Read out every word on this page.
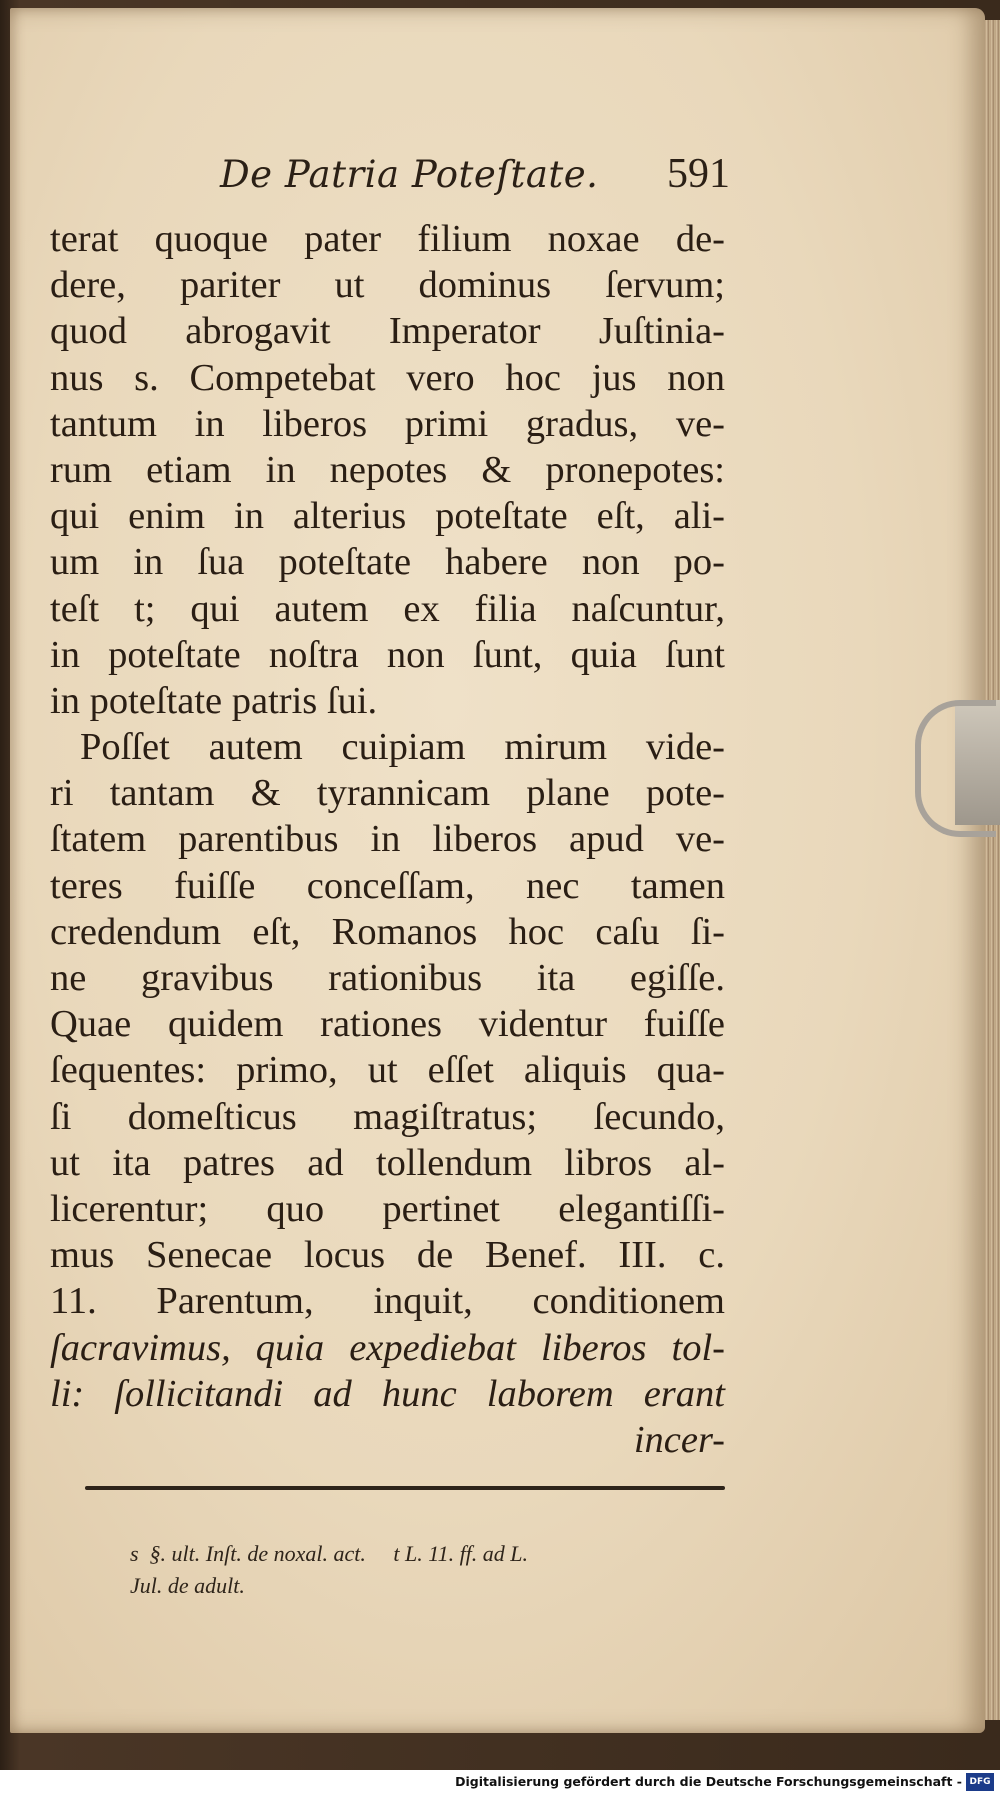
De Patria Poteſtate. 591
terat quoque pater filium noxae de-
dere, pariter ut dominus ſervum;
quod abrogavit Imperator Juſtinia-
nus s. Competebat vero hoc jus non
tantum in liberos primi gradus, ve-
rum etiam in nepotes & pronepotes:
qui enim in alterius poteſtate eſt, ali-
um in ſua poteſtate habere non po-
teſt t; qui autem ex filia naſcuntur,
in poteſtate noſtra non ſunt, quia ſunt
in poteſtate patris ſui.
Poſſet autem cuipiam mirum vide-
ri tantam & tyrannicam plane pote-
ſtatem parentibus in liberos apud ve-
teres fuiſſe conceſſam, nec tamen
credendum eſt, Romanos hoc caſu ſi-
ne gravibus rationibus ita egiſſe.
Quae quidem rationes videntur fuiſſe
ſequentes: primo, ut eſſet aliquis qua-
ſi domeſticus magiſtratus; ſecundo,
ut ita patres ad tollendum libros al-
licerentur; quo pertinet elegantiſſi-
mus Senecae locus de Benef. III. c.
11. Parentum, inquit, conditionem
ſacravimus, quia expediebat liberos tol-
li: ſollicitandi ad hunc laborem erant
incer-
s  §. ult. Inſt. de noxal. act.     t L. 11. ff. ad L.
Jul. de adult.
Digitalisierung gefördert durch die Deutsche Forschungsgemeinschaft - DFG
